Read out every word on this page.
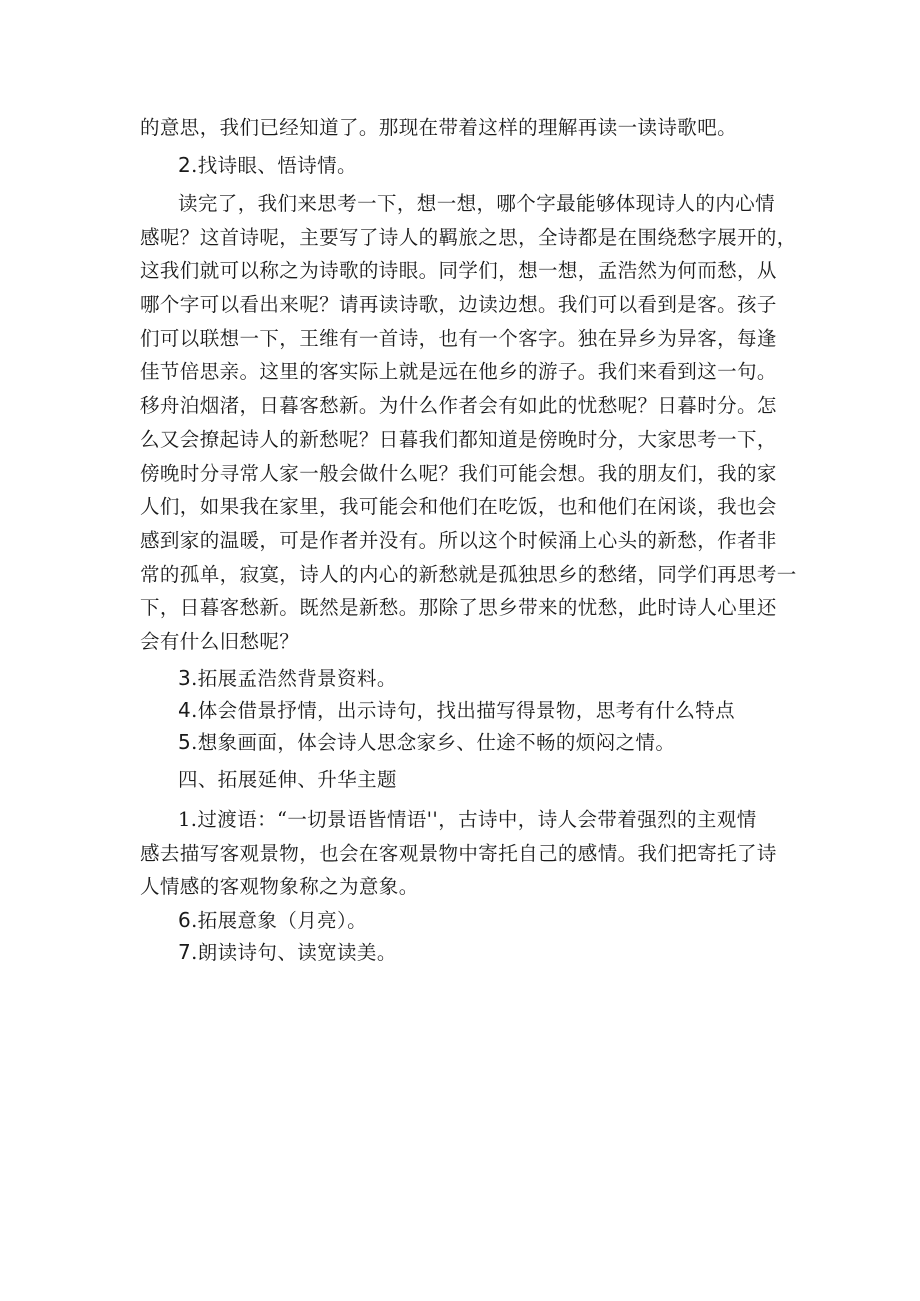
的意思，我们已经知道了。那现在带着这样的理解再读一读诗歌吧。
2.找诗眼、悟诗情。
读完了，我们来思考一下，想一想，哪个字最能够体现诗人的内心情
感呢？这首诗呢，主要写了诗人的羁旅之思，全诗都是在围绕愁字展开的，
这我们就可以称之为诗歌的诗眼。同学们，想一想，孟浩然为何而愁，从
哪个字可以看出来呢？请再读诗歌，边读边想。我们可以看到是客。孩子
们可以联想一下，王维有一首诗，也有一个客字。独在异乡为异客，每逢
佳节倍思亲。这里的客实际上就是远在他乡的游子。我们来看到这一句。
移舟泊烟渚，日暮客愁新。为什么作者会有如此的忧愁呢？日暮时分。怎
么又会撩起诗人的新愁呢？日暮我们都知道是傍晚时分，大家思考一下，
傍晚时分寻常人家一般会做什么呢？我们可能会想。我的朋友们，我的家
人们，如果我在家里，我可能会和他们在吃饭，也和他们在闲谈，我也会
感到家的温暖，可是作者并没有。所以这个时候涌上心头的新愁，作者非
常的孤单，寂寞，诗人的内心的新愁就是孤独思乡的愁绪，同学们再思考一
下，日暮客愁新。既然是新愁。那除了思乡带来的忧愁，此时诗人心里还
会有什么旧愁呢？
3.拓展孟浩然背景资料。
4.体会借景抒情，出示诗句，找出描写得景物，思考有什么特点
5.想象画面，体会诗人思念家乡、仕途不畅的烦闷之情。
四、拓展延伸、升华主题
1.过渡语：“一切景语皆情语''，古诗中，诗人会带着强烈的主观情
感去描写客观景物，也会在客观景物中寄托自己的感情。我们把寄托了诗
人情感的客观物象称之为意象。
6.拓展意象（月亮）。
7.朗读诗句、读宽读美。
